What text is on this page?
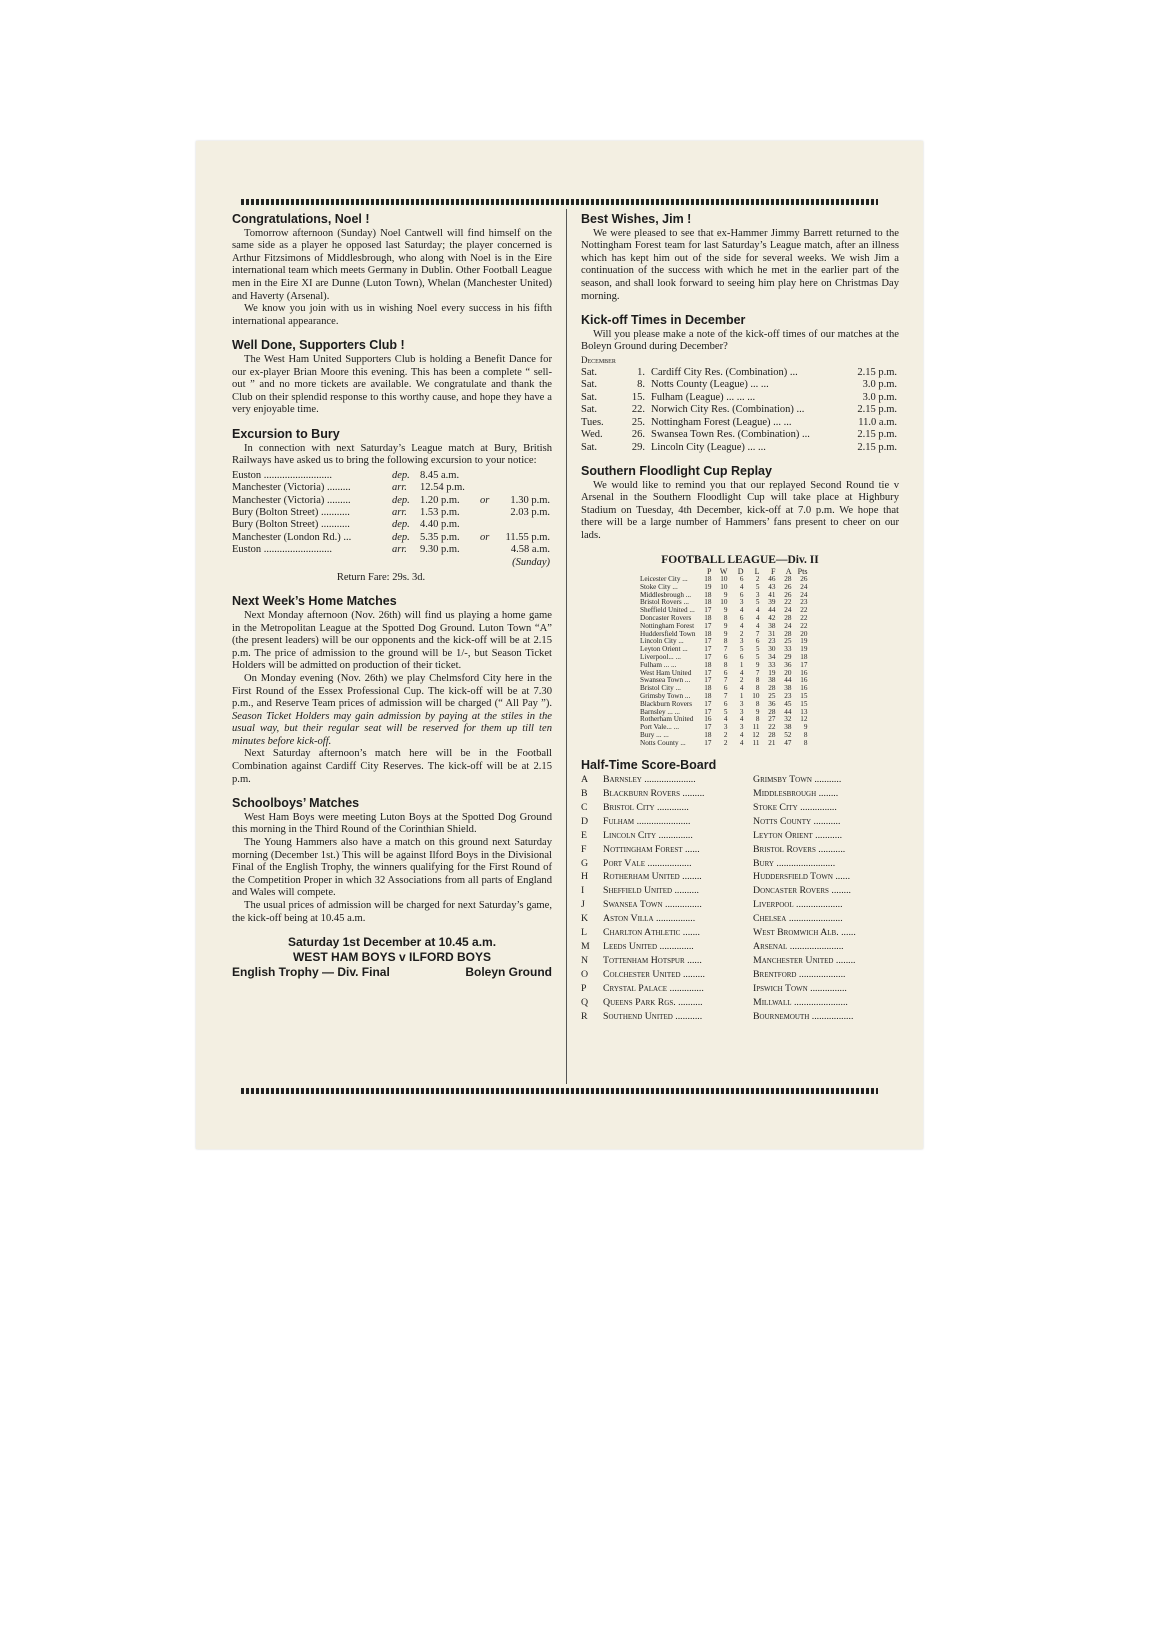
Congratulations, Noel !

Tomorrow afternoon (Sunday) Noel Cantwell will find himself on the same side as a player he opposed last Saturday; the player concerned is Arthur Fitzsimons of Middlesbrough, who along with Noel is in the Eire international team which meets Germany in Dublin. Other Football League men in the Eire XI are Dunne (Luton Town), Whelan (Manchester United) and Haverty (Arsenal).

We know you join with us in wishing Noel every success in his fifth international appearance.

Well Done, Supporters Club !

The West Ham United Supporters Club is holding a Benefit Dance for our ex-player Brian Moore this evening. This has been a complete “ sell-out ” and no more tickets are available. We congratulate and thank the Club on their splendid response to this worthy cause, and hope they have a very enjoyable time.

Excursion to Bury

In connection with next Saturday’s League match at Bury, British Railways have asked us to bring the following excursion to your notice:

Euston ..........................	dep. 8.45 a.m.
Manchester (Victoria) .........	arr.	12.54 p.m.
Manchester (Victoria) .........	dep. 1.20 p.m.	or	1.30 p.m.
Bury (Bolton Street) ...........	arr.	1.53 p.m.	2.03 p.m.
Bury (Bolton Street) ...........	dep. 4.40 p.m.
Manchester (London Rd.) ...	dep. 5.35 p.m.	or	11.55 p.m.
Euston ..........................	arr.	9.30 p.m.	4.58 a.m.
(Sunday)
Return Fare: 29s. 3d.
Next Week’s Home Matches

Next Monday afternoon (Nov. 26th) will find us playing a home game in the Metropolitan League at the Spotted Dog Ground. Luton Town “A” (the present leaders) will be our opponents and the kick-off will be at 2.15 p.m. The price of admission to the ground will be 1/-, but Season Ticket Holders will be admitted on production of their ticket.

On Monday evening (Nov. 26th) we play Chelmsford City here in the First Round of the Essex Professional Cup. The kick-off will be at 7.30 p.m., and Reserve Team prices of admission will be charged (“ All Pay ”). Season Ticket Holders may gain admission by paying at the stiles in the usual way, but their regular seat will be reserved for them up till ten minutes before kick-off.

Next Saturday afternoon’s match here will be in the Football Combination against Cardiff City Reserves. The kick-off will be at 2.15 p.m.

Schoolboys’ Matches

West Ham Boys were meeting Luton Boys at the Spotted Dog Ground this morning in the Third Round of the Corinthian Shield.

The Young Hammers also have a match on this ground next Saturday morning (December 1st.) This will be against Ilford Boys in the Divisional Final of the English Trophy, the winners qualifying for the First Round of the Competition Proper in which 32 Associations from all parts of England and Wales will compete.

The usual prices of admission will be charged for next Saturday’s game, the kick-off being at 10.45 a.m.

Saturday 1st December at 10.45 a.m.
WEST HAM BOYS v ILFORD BOYS
English Trophy — Div. Final	Boleyn Ground
Best Wishes, Jim !

We were pleased to see that ex-Hammer Jimmy Barrett returned to the Nottingham Forest team for last Saturday’s League match, after an illness which has kept him out of the side for several weeks. We wish Jim a continuation of the success with which he met in the earlier part of the season, and shall look forward to seeing him play here on Christmas Day morning.

Kick-off Times in December

Will you please make a note of the kick-off times of our matches at the Boleyn Ground during December?

December
Sat.	1. Cardiff City Res. (Combination) ...	2.15 p.m.
Sat.	8. Notts County (League) ... ...	3.0 p.m.
Sat.	15. Fulham (League) ... ... ...	3.0 p.m.
Sat.	22. Norwich City Res. (Combination) ...	2.15 p.m.
Tues.	25. Nottingham Forest (League) ... ...	11.0 a.m.
Wed.	26. Swansea Town Res. (Combination) ...	2.15 p.m.
Sat.	29. Lincoln City (League) ... ...	2.15 p.m.
Southern Floodlight Cup Replay

We would like to remind you that our replayed Second Round tie v Arsenal in the Southern Floodlight Cup will take place at Highbury Stadium on Tuesday, 4th December, kick-off at 7.0 p.m. We hope that there will be a large number of Hammers’ fans present to cheer on our lads.

FOOTBALL LEAGUE—Div. II
	P	W	D	L	F	A	Pts
Leicester City ...	18	10	6	2	46	28	26
Stoke City ...	19	10	4	5	43	26	24
Middlesbrough ...	18	9	6	3	41	26	24
Bristol Rovers ...	18	10	3	5	39	22	23
Sheffield United ...	17	9	4	4	44	24	22
Doncaster Rovers	18	8	6	4	42	28	22
Nottingham Forest	17	9	4	4	38	24	22
Huddersfield Town	18	9	2	7	31	28	20
Lincoln City ...	17	8	3	6	23	25	19
Leyton Orient ...	17	7	5	5	30	33	19
Liverpool... ...	17	6	6	5	34	29	18
Fulham ... ...	18	8	1	9	33	36	17
West Ham United	17	6	4	7	19	20	16
Swansea Town ...	17	7	2	8	38	44	16
Bristol City ...	18	6	4	8	28	38	16
Grimsby Town ...	18	7	1	10	25	23	15
Blackburn Rovers	17	6	3	8	36	45	15
Barnsley ... ...	17	5	3	9	28	44	13
Rotherham United	16	4	4	8	27	32	12
Port Vale... ...	17	3	3	11	22	38	9
Bury ... ...	18	2	4	12	28	52	8
Notts County ...	17	2	4	11	21	47	8
Half-Time Score-Board
A	Barnsley .....................	Grimsby Town ...........
B	Blackburn Rovers .........	Middlesbrough ........
C	Bristol City .............	Stoke City ...............
D	Fulham ......................	Notts County ...........
E	Lincoln City ..............	Leyton Orient ...........
F	Nottingham Forest ......	Bristol Rovers ...........
G	Port Vale ..................	Bury ........................
H	Rotherham United ........	Huddersfield Town ......
I	Sheffield United ..........	Doncaster Rovers ........
J	Swansea Town ...............	Liverpool ...................
K	Aston Villa ................	Chelsea ......................
L	Charlton Athletic .......	West Bromwich Alb. ......
M	Leeds United ..............	Arsenal ......................
N	Tottenham Hotspur ......	Manchester United ........
O	Colchester United .........	Brentford ...................
P	Crystal Palace ..............	Ipswich Town ...............
Q	Queens Park Rgs. ..........	Millwall ......................
R	Southend United ...........	Bournemouth .................
